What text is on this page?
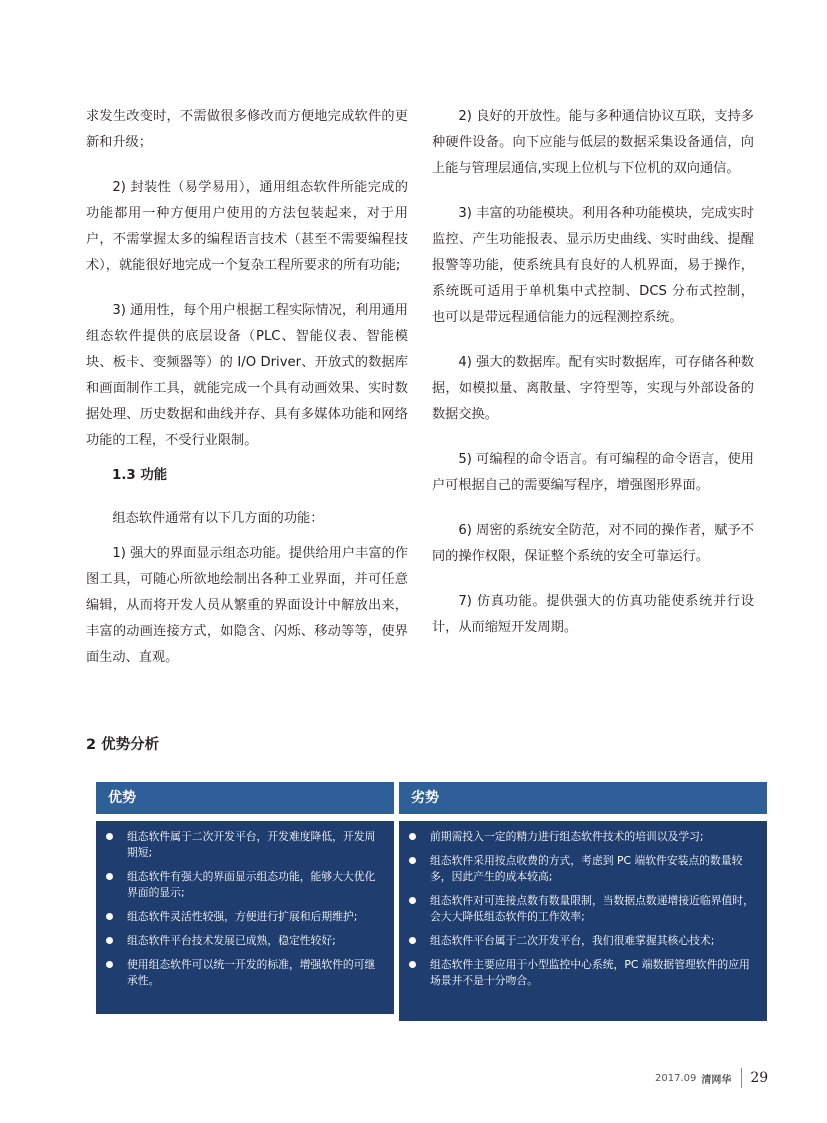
求发生改变时，不需做很多修改而方便地完成软件的更新和升级；

2) 封装性（易学易用），通用组态软件所能完成的功能都用一种方便用户使用的方法包装起来，对于用户，不需掌握太多的编程语言技术（甚至不需要编程技术），就能很好地完成一个复杂工程所要求的所有功能;

3) 通用性，每个用户根据工程实际情况，利用通用组态软件提供的底层设备（PLC、智能仪表、智能模块、板卡、变频器等）的 I/O Driver、开放式的数据库和画面制作工具，就能完成一个具有动画效果、实时数据处理、历史数据和曲线并存、具有多媒体功能和网络功能的工程，不受行业限制。

1.3 功能

组态软件通常有以下几方面的功能：

1) 强大的界面显示组态功能。提供给用户丰富的作图工具，可随心所欲地绘制出各种工业界面，并可任意编辑，从而将开发人员从繁重的界面设计中解放出来，丰富的动画连接方式，如隐含、闪烁、移动等等，使界面生动、直观。

2) 良好的开放性。能与多种通信协议互联，支持多种硬件设备。向下应能与低层的数据采集设备通信，向上能与管理层通信,实现上位机与下位机的双向通信。

3) 丰富的功能模块。利用各种功能模块，完成实时监控、产生功能报表、显示历史曲线、实时曲线、提醒报警等功能，使系统具有良好的人机界面，易于操作，系统既可适用于单机集中式控制、DCS 分布式控制，也可以是带远程通信能力的远程测控系统。

4) 强大的数据库。配有实时数据库，可存储各种数据，如模拟量、离散量、字符型等，实现与外部设备的数据交换。

5) 可编程的命令语言。有可编程的命令语言，使用户可根据自己的需要编写程序，增强图形界面。

6) 周密的系统安全防范，对不同的操作者，赋予不同的操作权限，保证整个系统的安全可靠运行。

7) 仿真功能。提供强大的仿真功能使系统并行设计，从而缩短开发周期。

2 优势分析
优势
组态软件属于二次开发平台，开发难度降低，开发周期短;
组态软件有强大的界面显示组态功能，能够大大优化界面的显示;
组态软件灵活性较强，方便进行扩展和后期维护;
组态软件平台技术发展已成熟，稳定性较好;
使用组态软件可以统一开发的标准，增强软件的可继承性。
劣势
前期需投入一定的精力进行组态软件技术的培训以及学习;
组态软件采用按点收费的方式，考虑到 PC 端软件安装点的数量较多，因此产生的成本较高;
组态软件对可连接点数有数量限制，当数据点数递增接近临界值时，会大大降低组态软件的工作效率;
组态软件平台属于二次开发平台，我们很难掌握其核心技术;
组态软件主要应用于小型监控中心系统，PC 端数据管理软件的应用场景并不是十分吻合。
2017.09 清网华 29
